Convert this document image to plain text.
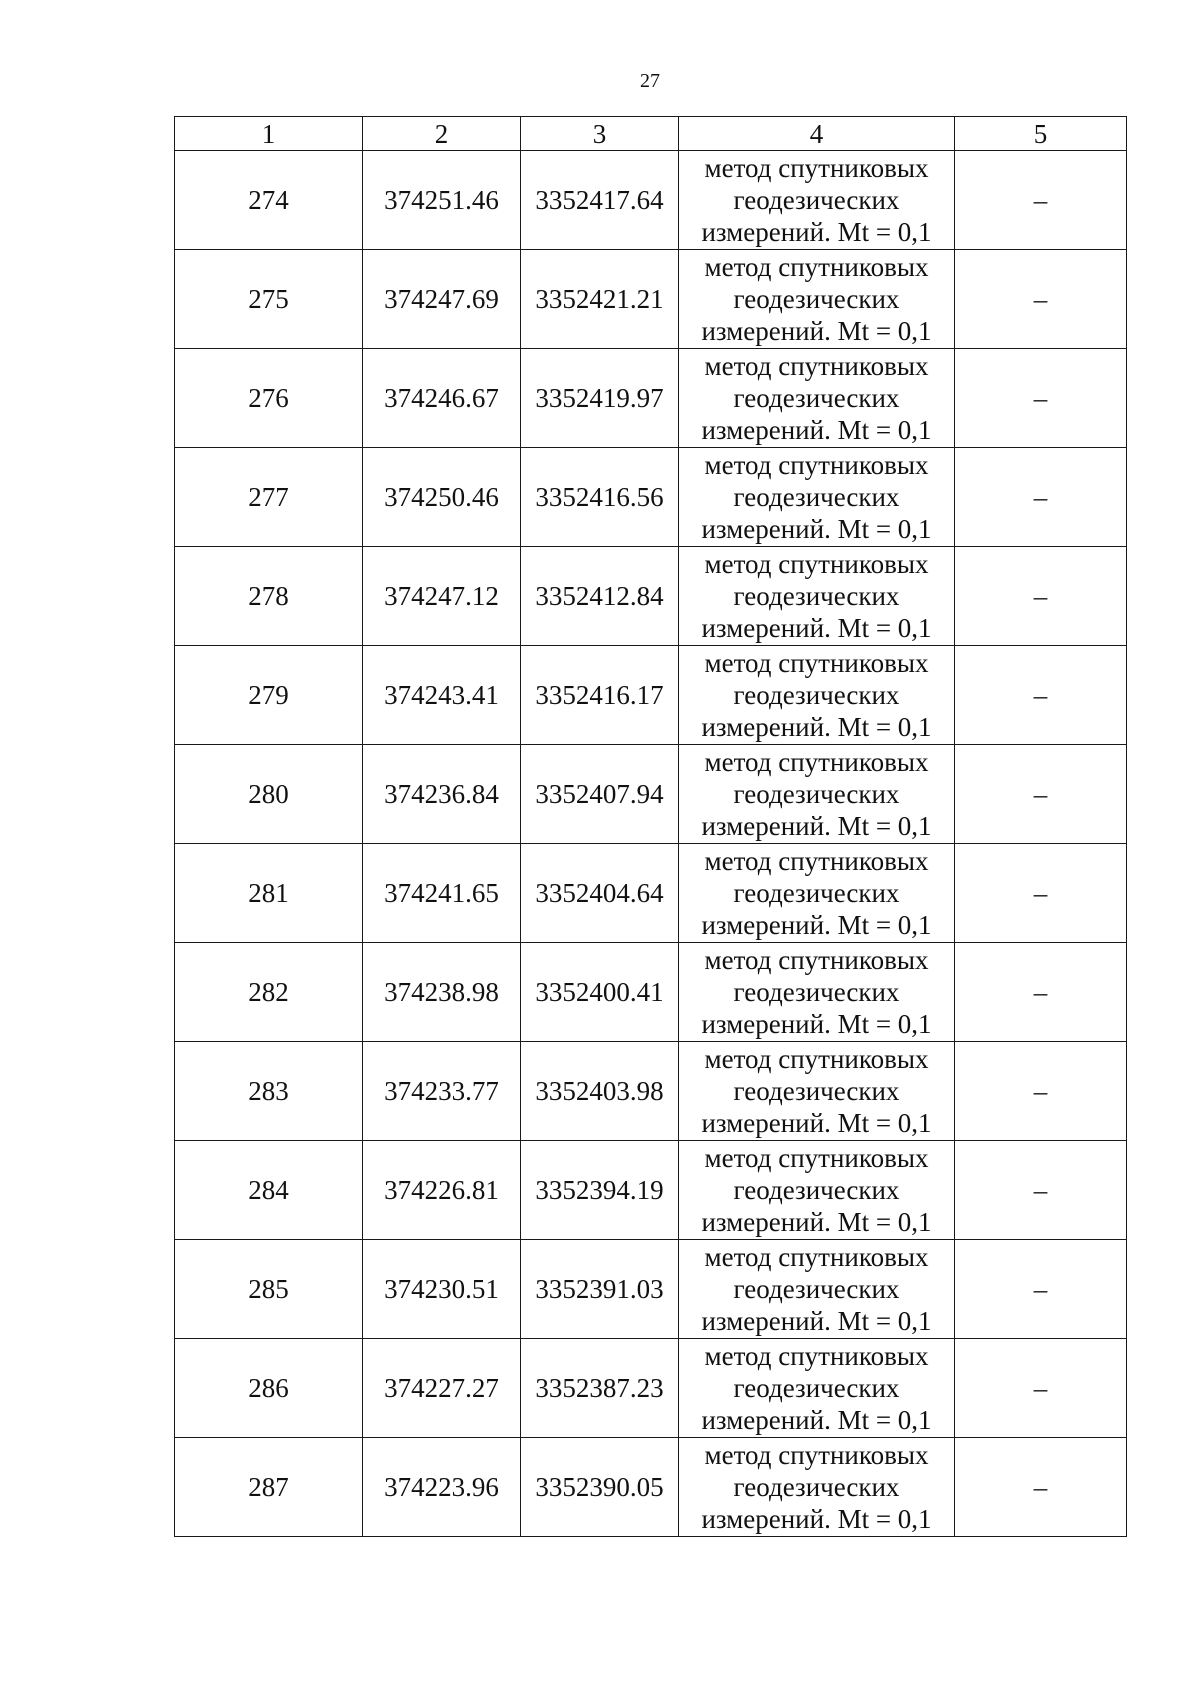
27
1	2	3	4	5
274	374251.46	3352417.64	метод спутниковых
геодезических
измерений. Mt = 0,1	–
275	374247.69	3352421.21	метод спутниковых
геодезических
измерений. Mt = 0,1	–
276	374246.67	3352419.97	метод спутниковых
геодезических
измерений. Mt = 0,1	–
277	374250.46	3352416.56	метод спутниковых
геодезических
измерений. Mt = 0,1	–
278	374247.12	3352412.84	метод спутниковых
геодезических
измерений. Mt = 0,1	–
279	374243.41	3352416.17	метод спутниковых
геодезических
измерений. Mt = 0,1	–
280	374236.84	3352407.94	метод спутниковых
геодезических
измерений. Mt = 0,1	–
281	374241.65	3352404.64	метод спутниковых
геодезических
измерений. Mt = 0,1	–
282	374238.98	3352400.41	метод спутниковых
геодезических
измерений. Mt = 0,1	–
283	374233.77	3352403.98	метод спутниковых
геодезических
измерений. Mt = 0,1	–
284	374226.81	3352394.19	метод спутниковых
геодезических
измерений. Mt = 0,1	–
285	374230.51	3352391.03	метод спутниковых
геодезических
измерений. Mt = 0,1	–
286	374227.27	3352387.23	метод спутниковых
геодезических
измерений. Mt = 0,1	–
287	374223.96	3352390.05	метод спутниковых
геодезических
измерений. Mt = 0,1	–
